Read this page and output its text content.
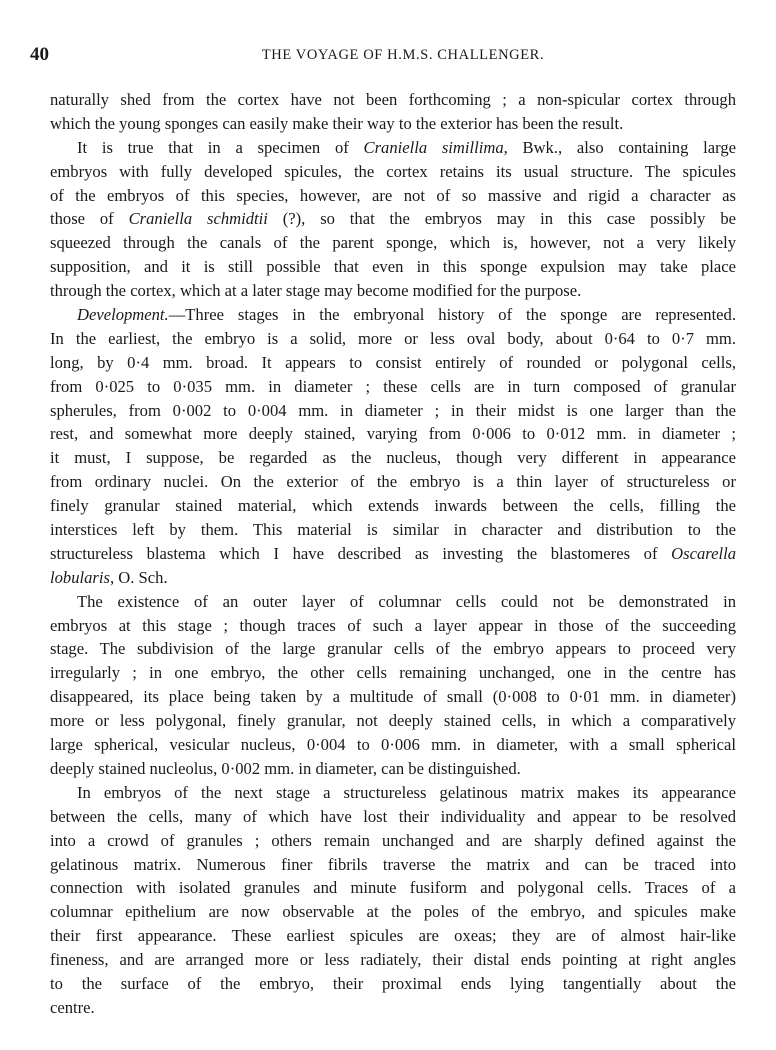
40	THE VOYAGE OF H.M.S. CHALLENGER.
naturally shed from the cortex have not been forthcoming ; a non-spicular cortex through
which the young sponges can easily make their way to the exterior has been the result.
It is true that in a specimen of Craniella simillima, Bwk., also containing large
embryos with fully developed spicules, the cortex retains its usual structure. The spicules
of the embryos of this species, however, are not of so massive and rigid a character as
those of Craniella schmidtii (?), so that the embryos may in this case possibly be
squeezed through the canals of the parent sponge, which is, however, not a very likely
supposition, and it is still possible that even in this sponge expulsion may take place
through the cortex, which at a later stage may become modified for the purpose.
Development.—Three stages in the embryonal history of the sponge are represented.
In the earliest, the embryo is a solid, more or less oval body, about 0·64 to 0·7 mm.
long, by 0·4 mm. broad. It appears to consist entirely of rounded or polygonal cells,
from 0·025 to 0·035 mm. in diameter ; these cells are in turn composed of granular
spherules, from 0·002 to 0·004 mm. in diameter ; in their midst is one larger than the
rest, and somewhat more deeply stained, varying from 0·006 to 0·012 mm. in diameter ;
it must, I suppose, be regarded as the nucleus, though very different in appearance
from ordinary nuclei. On the exterior of the embryo is a thin layer of structureless or
finely granular stained material, which extends inwards between the cells, filling the
interstices left by them. This material is similar in character and distribution to the
structureless blastema which I have described as investing the blastomeres of Oscarella
lobularis, O. Sch.
The existence of an outer layer of columnar cells could not be demonstrated in
embryos at this stage ; though traces of such a layer appear in those of the succeeding
stage. The subdivision of the large granular cells of the embryo appears to proceed very
irregularly ; in one embryo, the other cells remaining unchanged, one in the centre has
disappeared, its place being taken by a multitude of small (0·008 to 0·01 mm. in diameter)
more or less polygonal, finely granular, not deeply stained cells, in which a comparatively
large spherical, vesicular nucleus, 0·004 to 0·006 mm. in diameter, with a small spherical
deeply stained nucleolus, 0·002 mm. in diameter, can be distinguished.
In embryos of the next stage a structureless gelatinous matrix makes its appearance
between the cells, many of which have lost their individuality and appear to be resolved
into a crowd of granules ; others remain unchanged and are sharply defined against the
gelatinous matrix. Numerous finer fibrils traverse the matrix and can be traced into
connection with isolated granules and minute fusiform and polygonal cells. Traces of a
columnar epithelium are now observable at the poles of the embryo, and spicules make
their first appearance. These earliest spicules are oxeas; they are of almost hair-like
fineness, and are arranged more or less radiately, their distal ends pointing at right angles
to the surface of the embryo, their proximal ends lying tangentially about the
centre.
